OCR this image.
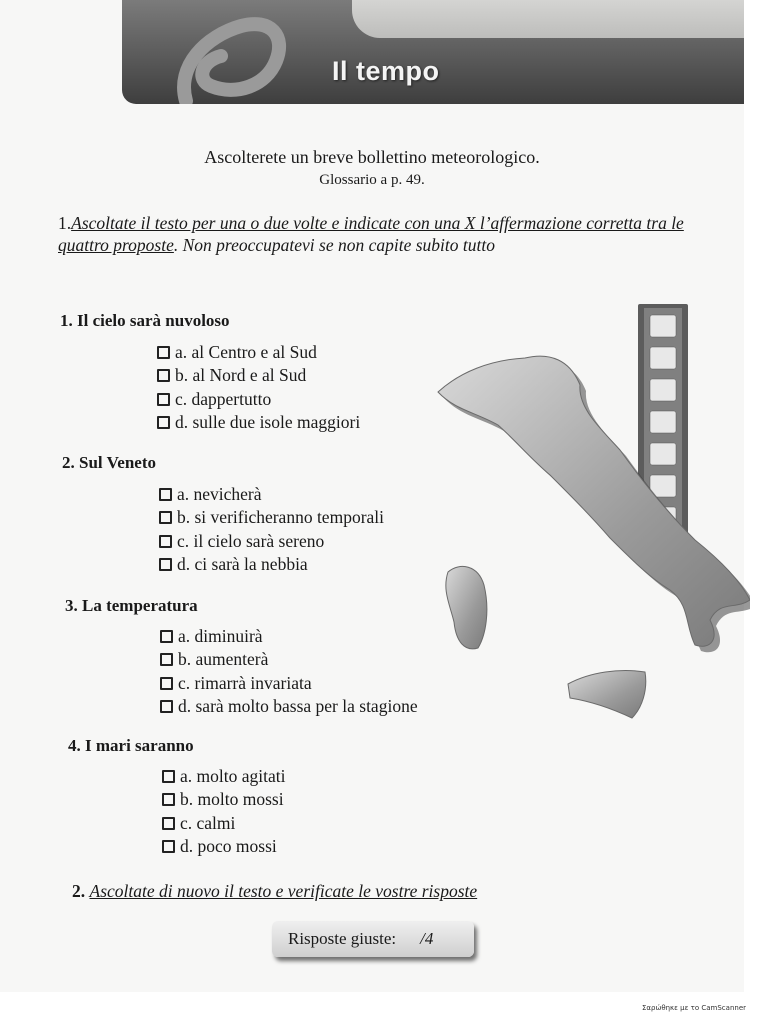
Il tempo
Ascolterete un breve bollettino meteorologico.
Glossario a p. 49.
1.Ascoltate il testo per una o due volte e indicate con una X l’affermazione corretta tra le quattro proposte. Non preoccupatevi se non capite subito tutto
1. Il cielo sarà nuvoloso
a. al Centro e al Sud
b. al Nord e al Sud
c. dappertutto
d. sulle due isole maggiori
2. Sul Veneto
a. nevicherà
b. si verificheranno temporali
c. il cielo sarà sereno
d. ci sarà la nebbia
3. La temperatura
a. diminuirà
b. aumenterà
c. rimarrà invariata
d. sarà molto bassa per la stagione
4. I mari saranno
a. molto agitati
b. molto mossi
c. calmi
d. poco mossi
2. Ascoltate di nuovo il testo e verificate le vostre risposte
Risposte giuste: /4
Σαρώθηκε με το CamScanner
